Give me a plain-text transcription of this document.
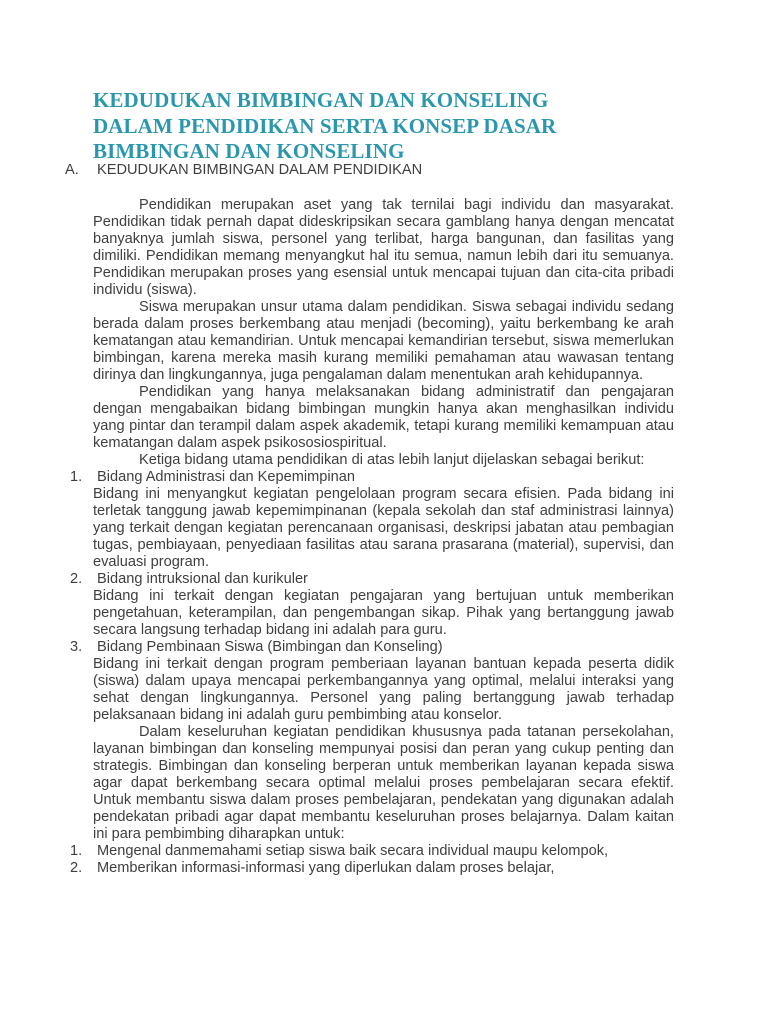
KEDUDUKAN BIMBINGAN DAN KONSELING
DALAM PENDIDIKAN SERTA KONSEP DASAR
BIMBINGAN DAN KONSELING
A. KEDUDUKAN BIMBINGAN DALAM PENDIDIKAN

Pendidikan merupakan aset yang tak ternilai bagi individu dan masyarakat. Pendidikan tidak pernah dapat dideskripsikan secara gamblang hanya dengan mencatat banyaknya jumlah siswa, personel yang terlibat, harga bangunan, dan fasilitas yang dimiliki. Pendidikan memang menyangkut hal itu semua, namun lebih dari itu semuanya. Pendidikan merupakan proses yang esensial untuk mencapai tujuan dan cita-cita pribadi individu (siswa).

Siswa merupakan unsur utama dalam pendidikan. Siswa sebagai individu sedang berada dalam proses berkembang atau menjadi (becoming), yaitu berkembang ke arah kematangan atau kemandirian. Untuk mencapai kemandirian tersebut, siswa memerlukan bimbingan, karena mereka masih kurang memiliki pemahaman atau wawasan tentang dirinya dan lingkungannya, juga pengalaman dalam menentukan arah kehidupannya.

Pendidikan yang hanya melaksanakan bidang administratif dan pengajaran dengan mengabaikan bidang bimbingan mungkin hanya akan menghasilkan individu yang pintar dan terampil dalam aspek akademik, tetapi kurang memiliki kemampuan atau kematangan dalam aspek psikososiospiritual.

Ketiga bidang utama pendidikan di atas lebih lanjut dijelaskan sebagai berikut:

1. Bidang Administrasi dan Kepemimpinan

Bidang ini menyangkut kegiatan pengelolaan program secara efisien. Pada bidang ini terletak tanggung jawab kepemimpinanan (kepala sekolah dan staf administrasi lainnya) yang terkait dengan kegiatan perencanaan organisasi, deskripsi jabatan atau pembagian tugas, pembiayaan, penyediaan fasilitas atau sarana prasarana (material), supervisi, dan evaluasi program.

2. Bidang intruksional dan kurikuler

Bidang ini terkait dengan kegiatan pengajaran yang bertujuan untuk memberikan pengetahuan, keterampilan, dan pengembangan sikap. Pihak yang bertanggung jawab secara langsung terhadap bidang ini adalah para guru.

3. Bidang Pembinaan Siswa (Bimbingan dan Konseling)

Bidang ini terkait dengan program pemberiaan layanan bantuan kepada peserta didik (siswa) dalam upaya mencapai perkembangannya yang optimal, melalui interaksi yang sehat dengan lingkungannya. Personel yang paling bertanggung jawab terhadap pelaksanaan bidang ini adalah guru pembimbing atau konselor.

Dalam keseluruhan kegiatan pendidikan khususnya pada tatanan persekolahan, layanan bimbingan dan konseling mempunyai posisi dan peran yang cukup penting dan strategis. Bimbingan dan konseling berperan untuk memberikan layanan kepada siswa agar dapat berkembang secara optimal melalui proses pembelajaran secara efektif. Untuk membantu siswa dalam proses pembelajaran, pendekatan yang digunakan adalah pendekatan pribadi agar dapat membantu keseluruhan proses belajarnya. Dalam kaitan ini para pembimbing diharapkan untuk:

1. Mengenal danmemahami setiap siswa baik secara individual maupu kelompok,
2. Memberikan informasi-informasi yang diperlukan dalam proses belajar,
